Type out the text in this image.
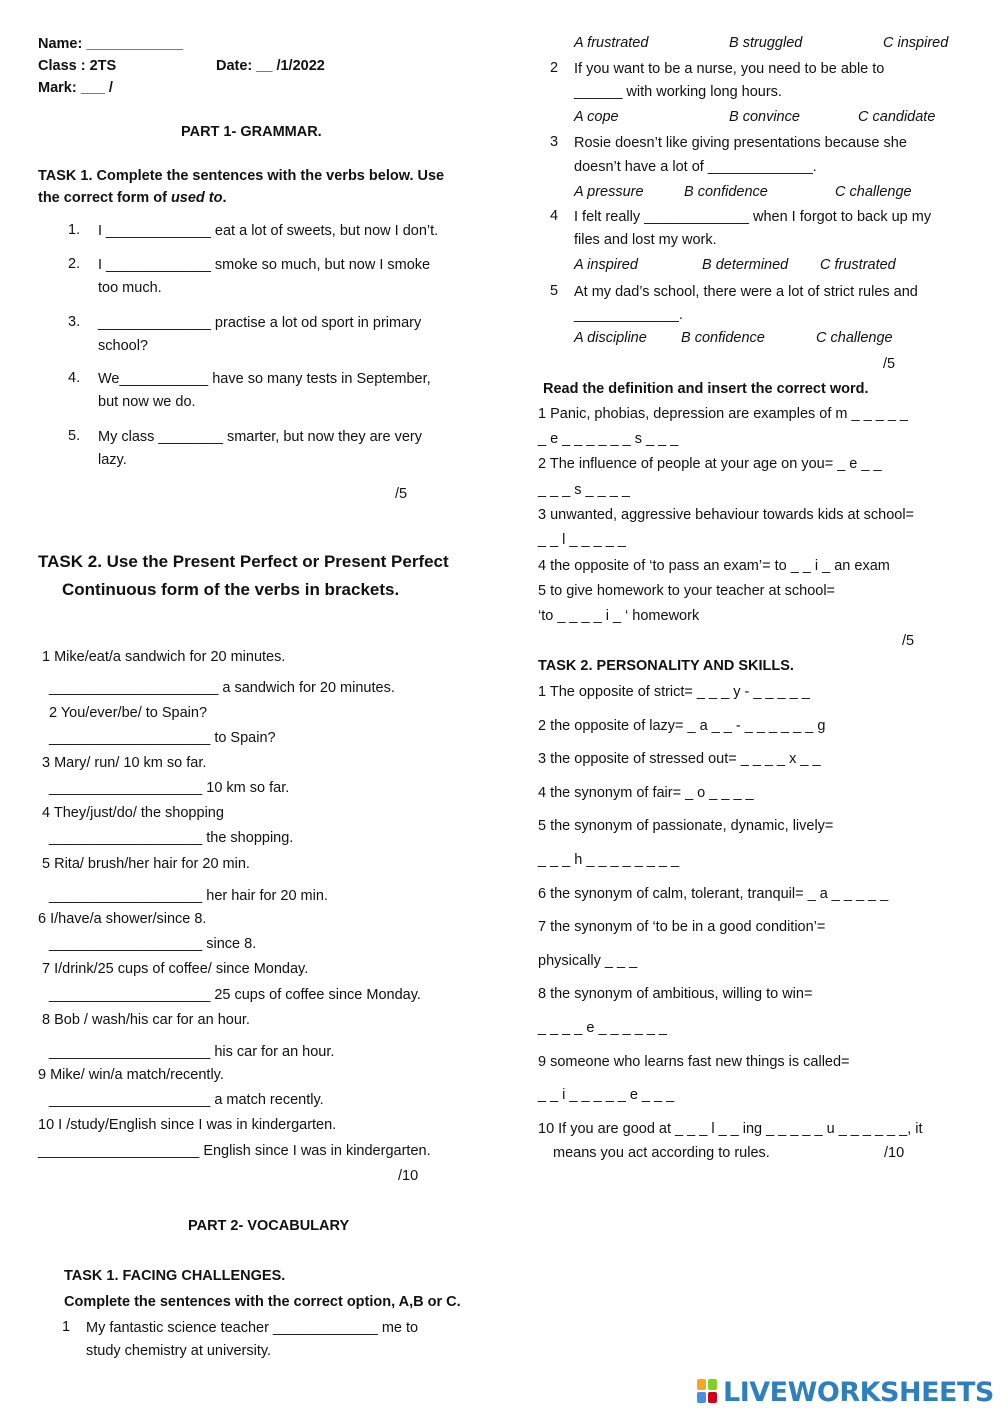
Name: ____________
Class : 2TS	Date: __ /1/2022
Mark: ___ /
PART 1- GRAMMAR.
TASK 1. Complete the sentences with the verbs below. Use
the correct form of used to.
1. I _____________ eat a lot of sweets, but now I don’t.
2. I _____________ smoke so much, but now I smoke
too much.
3. ______________ practise a lot od sport in primary
school?
4. We___________ have so many tests in September,
but now we do.
5. My class ________ smarter, but now they are very
lazy.
/5
TASK 2. Use the Present Perfect or Present Perfect
Continuous form of the verbs in brackets.
1 Mike/eat/a sandwich for 20 minutes.
_____________________ a sandwich for 20 minutes.
2 You/ever/be/ to Spain?
____________________ to Spain?
3 Mary/ run/ 10 km so far.
___________________ 10 km so far.
4 They/just/do/ the shopping
___________________ the shopping.
5 Rita/ brush/her hair for 20 min.
___________________ her hair for 20 min.
6 I/have/a shower/since 8.
___________________ since 8.
7 I/drink/25 cups of coffee/ since Monday.
____________________ 25 cups of coffee since Monday.
8 Bob / wash/his car for an hour.
____________________ his car for an hour.
9 Mike/ win/a match/recently.
____________________ a match recently.
10 I /study/English since I was in kindergarten.
____________________ English since I was in kindergarten.
/10
PART 2- VOCABULARY
TASK 1. FACING CHALLENGES.
Complete the sentences with the correct option, A,B or C.
1 My fantastic science teacher _____________ me to
study chemistry at university.
A frustrated	B struggled	C inspired
2 If you want to be a nurse, you need to be able to
______ with working long hours.
A cope	B convince	C candidate
3 Rosie doesn’t like giving presentations because she
doesn’t have a lot of _____________.
A pressure	B confidence	C challenge
4 I felt really _____________ when I forgot to back up my
files and lost my work.
A inspired	B determined C frustrated
5 At my dad’s school, there were a lot of strict rules and
_____________.
A discipline B confidence	C challenge
/5
Read the definition and insert the correct word.
1 Panic, phobias, depression are examples of m _ _ _ _ _
_ e _ _ _ _ _ _ s _ _ _
2 The influence of people at your age on you= _ e _ _
_ _ _ s _ _ _ _
3 unwanted, aggressive behaviour towards kids at school=
_ _ l _ _ _ _ _
4 the opposite of ‘to pass an exam’= to _ _ i _ an exam
5 to give homework to your teacher at school=
‘to _ _ _ _ i _ ‘ homework
/5
TASK 2. PERSONALITY AND SKILLS.
1 The opposite of strict= _ _ _ y - _ _ _ _ _
2 the opposite of lazy= _ a _ _ - _ _ _ _ _ _ g
3 the opposite of stressed out= _ _ _ _ x _ _
4 the synonym of fair= _ o _ _ _ _
5 the synonym of passionate, dynamic, lively=
_ _ _ h _ _ _ _ _ _ _ _
6 the synonym of calm, tolerant, tranquil= _ a _ _ _ _ _
7 the synonym of ‘to be in a good condition’=
physically _ _ _
8 the synonym of ambitious, willing to win=
_ _ _ _ e _ _ _ _ _ _
9 someone who learns fast new things is called=
_ _ i _ _ _ _ _ e _ _ _
10 If you are good at _ _ _ l _ _ ing _ _ _ _ _ u _ _ _ _ _ _, it
means you act according to rules.	/10
LIVEWORKSHEETS
